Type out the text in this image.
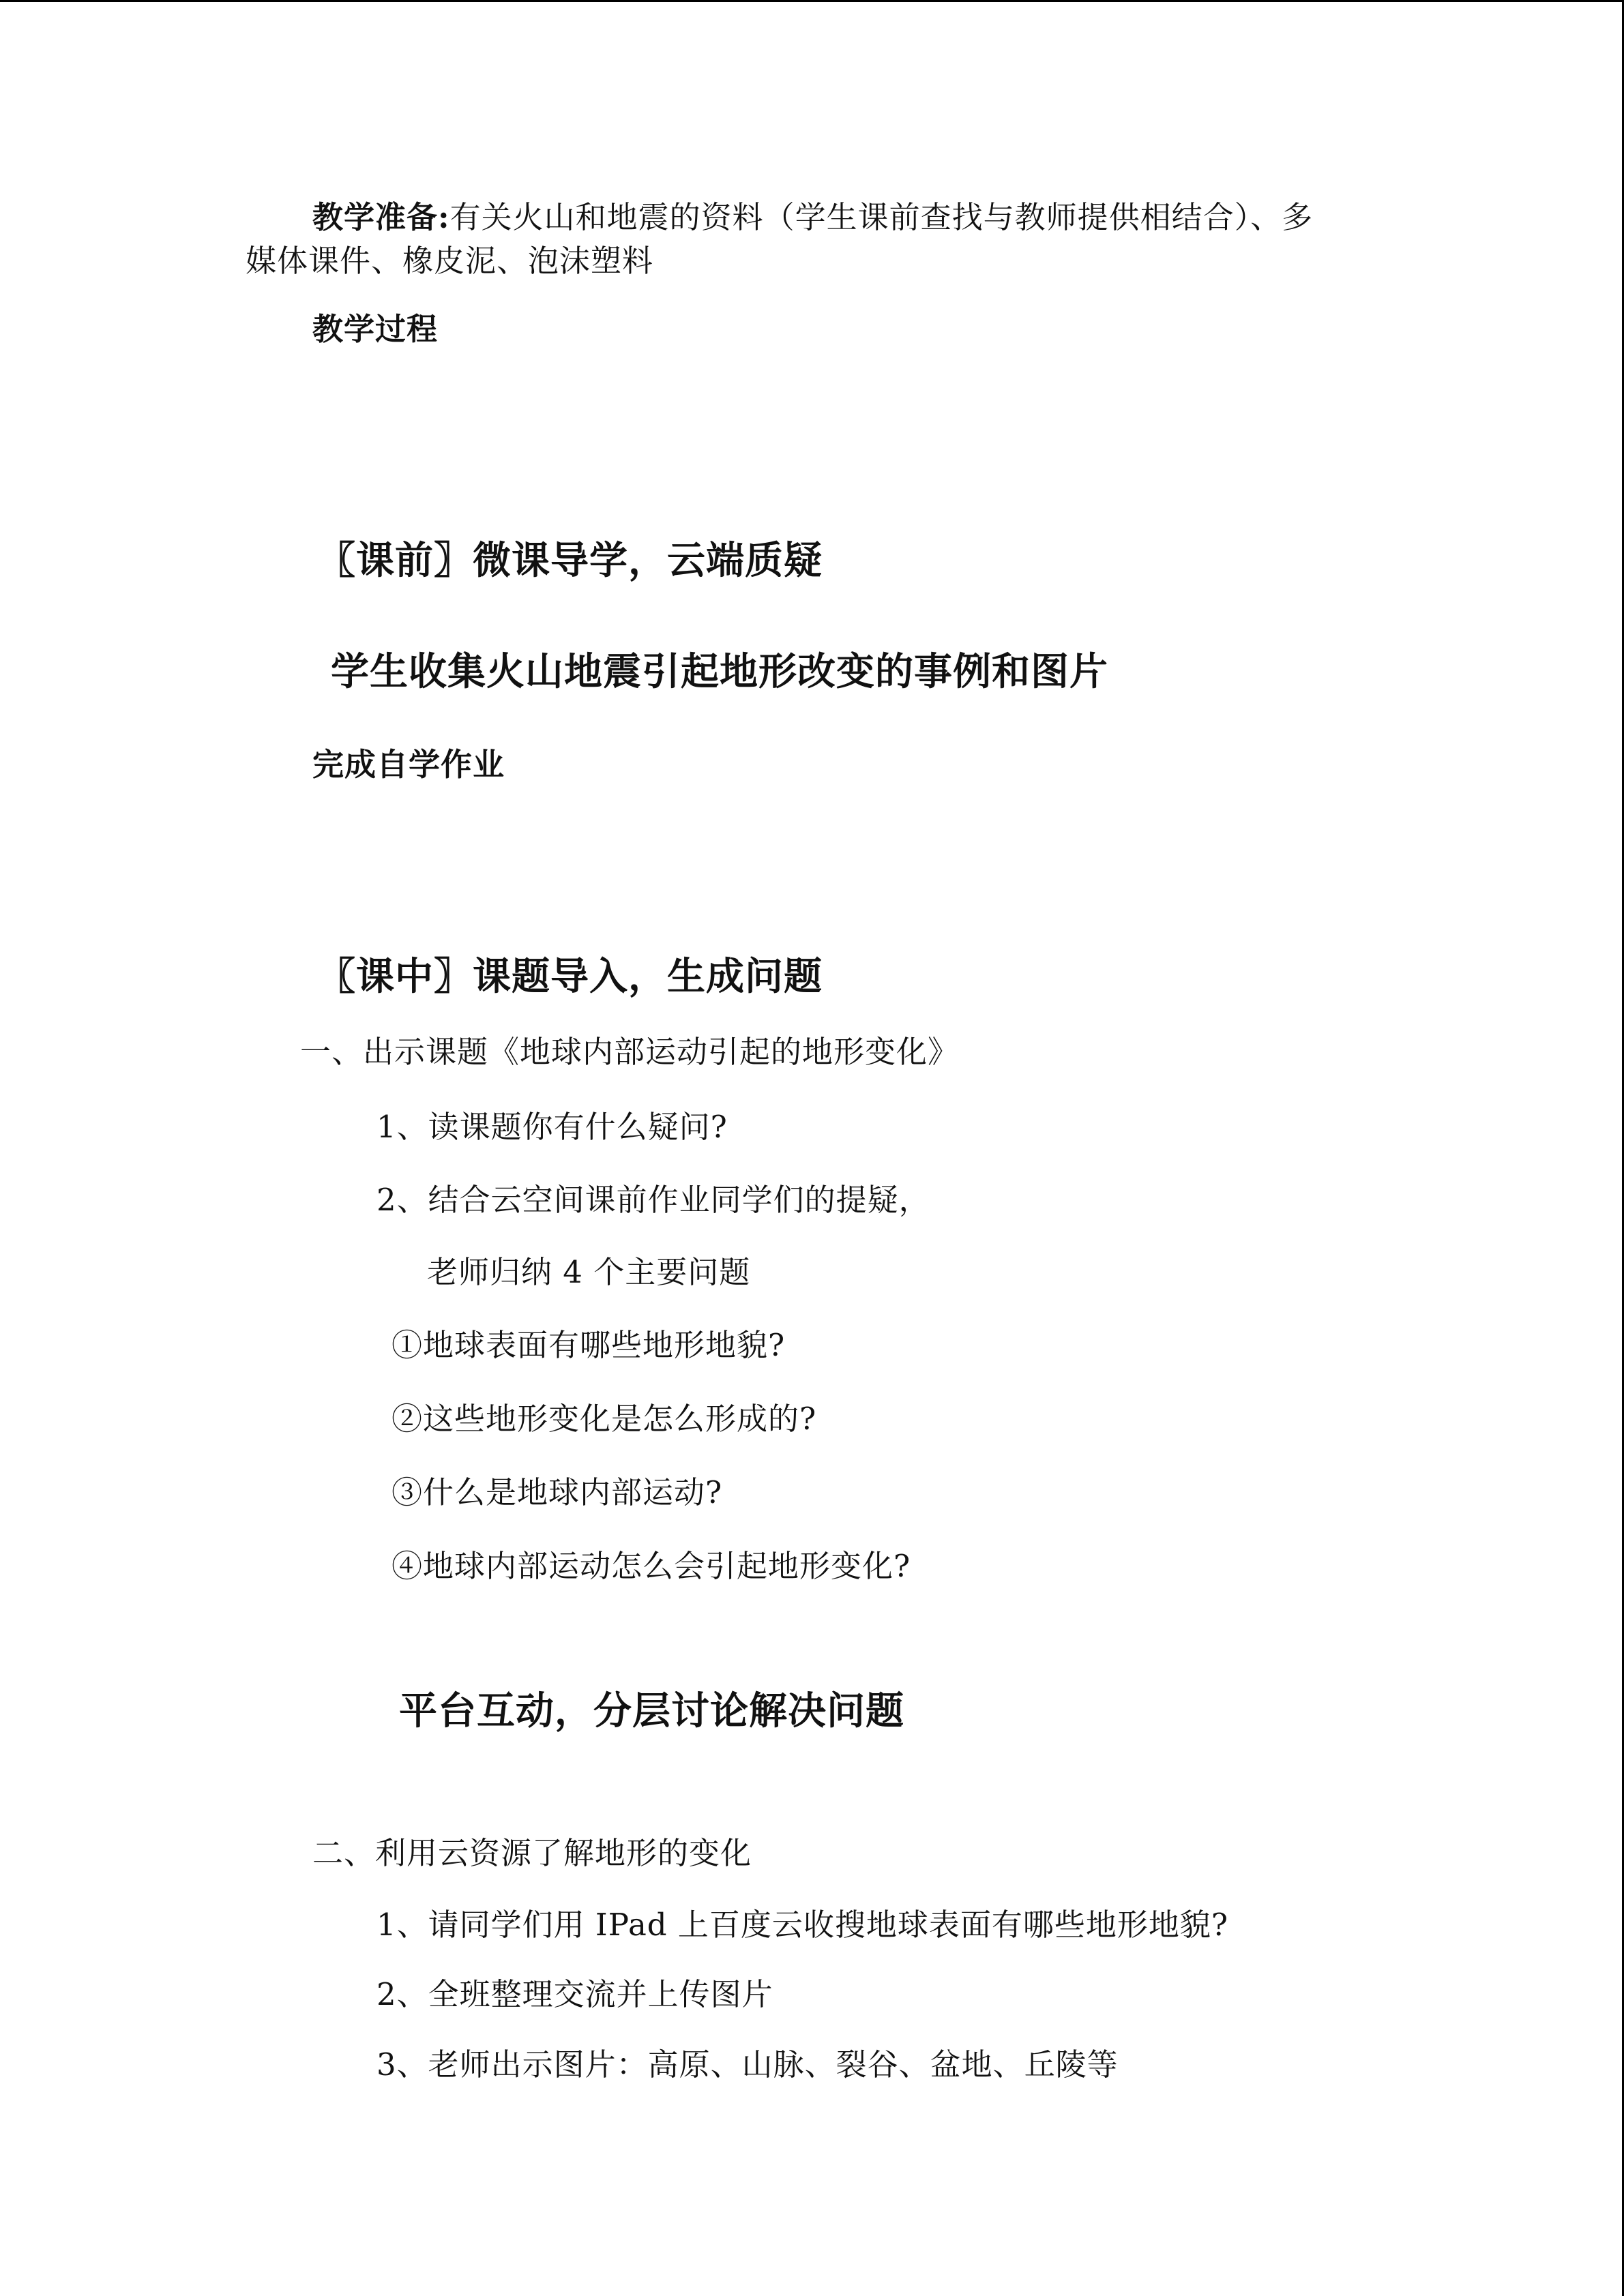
教学准备:有关火山和地震的资料（学生课前查找与教师提供相结合）、多
媒体课件、橡皮泥、泡沫塑料
教学过程
〖课前〗微课导学，云端质疑
学生收集火山地震引起地形改变的事例和图片
完成自学作业
〖课中〗课题导入，生成问题
一、出示课题《地球内部运动引起的地形变化》
1、读课题你有什么疑问?
2、结合云空间课前作业同学们的提疑，
老师归纳 4 个主要问题
①地球表面有哪些地形地貌?
②这些地形变化是怎么形成的?
③什么是地球内部运动?
④地球内部运动怎么会引起地形变化?
平台互动，分层讨论解决问题
二、利用云资源了解地形的变化
1、请同学们用 IPad 上百度云收搜地球表面有哪些地形地貌?
2、全班整理交流并上传图片
3、老师出示图片：高原、山脉、裂谷、盆地、丘陵等
